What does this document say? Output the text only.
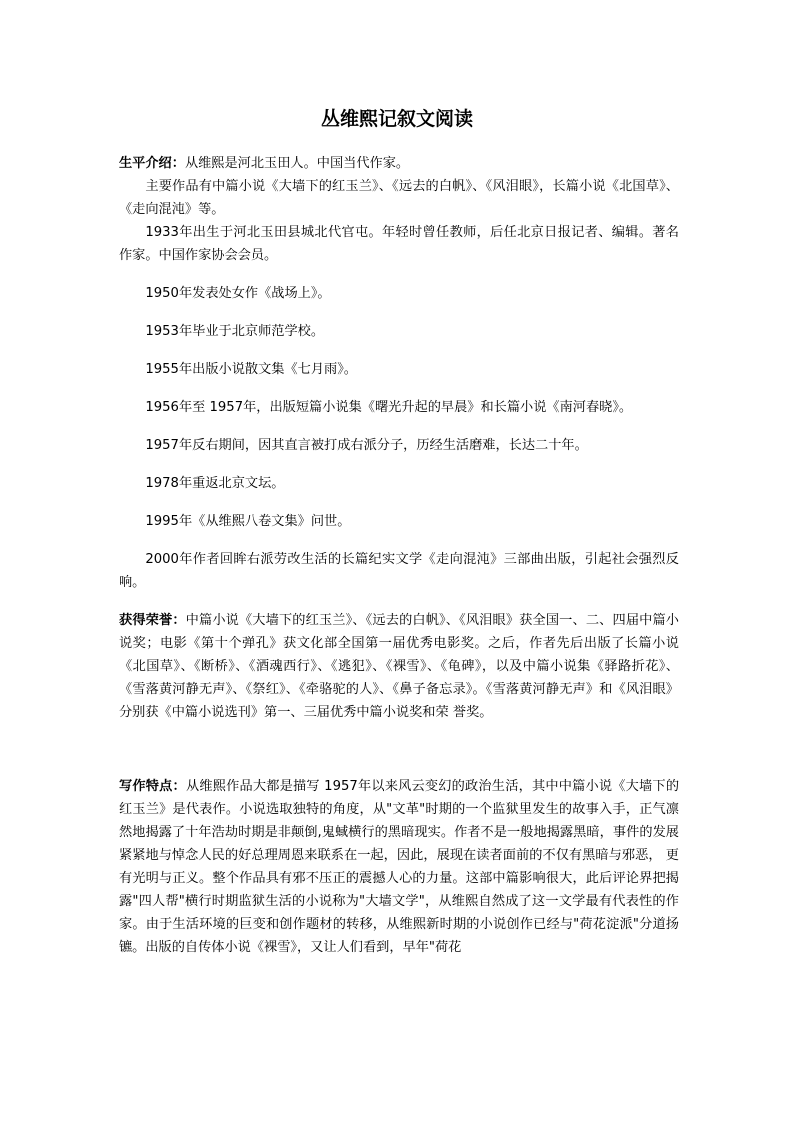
丛维熙记叙文阅读

生平介绍：从维熙是河北玉田人。中国当代作家。

主要作品有中篇小说《大墙下的红玉兰》、《远去的白帆》、《风泪眼》，长篇小说《北国草》、《走向混沌》等。

1933年出生于河北玉田县城北代官屯。年轻时曾任教师，后任北京日报记者、编辑。著名作家。中国作家协会会员。

1950年发表处女作《战场上》。

1953年毕业于北京师范学校。

1955年出版小说散文集《七月雨》。

1956年至 1957年，出版短篇小说集《曙光升起的早晨》和长篇小说《南河春晓》。

1957年反右期间，因其直言被打成右派分子，历经生活磨难，长达二十年。

1978年重返北京文坛。

1995年《从维熙八卷文集》问世。

2000年作者回眸右派劳改生活的长篇纪实文学《走向混沌》三部曲出版，引起社会强烈反响。

获得荣誉：中篇小说《大墙下的红玉兰》、《远去的白帆》、《风泪眼》获全国一、二、四届中篇小说奖；电影《第十个弹孔》获文化部全国第一届优秀电影奖。之后，作者先后出版了长篇小说《北国草》、《断桥》、《酒魂西行》、《逃犯》、《裸雪》、《龟碑》，以及中篇小说集《驿路折花》、《雪落黄河静无声》、《祭红》、《牵骆驼的人》、《鼻子备忘录》。《雪落黄河静无声》和《风泪眼》分别获《中篇小说选刊》第一、三届优秀中篇小说奖和荣 誉奖。

写作特点：从维熙作品大都是描写 1957年以来风云变幻的政治生活，其中中篇小说《大墙下的红玉兰》是代表作。小说选取独特的角度，从"文革"时期的一个监狱里发生的故事入手，正气凛然地揭露了十年浩劫时期是非颠倒,鬼蜮横行的黑暗现实。作者不是一般地揭露黑暗，事件的发展紧紧地与悼念人民的好总理周恩来联系在一起，因此，展现在读者面前的不仅有黑暗与邪恶， 更有光明与正义。整个作品具有邪不压正的震撼人心的力量。这部中篇影响很大，此后评论界把揭露"四人帮"横行时期监狱生活的小说称为"大墙文学"，从维熙自然成了这一文学最有代表性的作家。由于生活环境的巨变和创作题材的转移，从维熙新时期的小说创作已经与"荷花淀派"分道扬镳。出版的自传体小说《裸雪》，又让人们看到，早年"荷花
